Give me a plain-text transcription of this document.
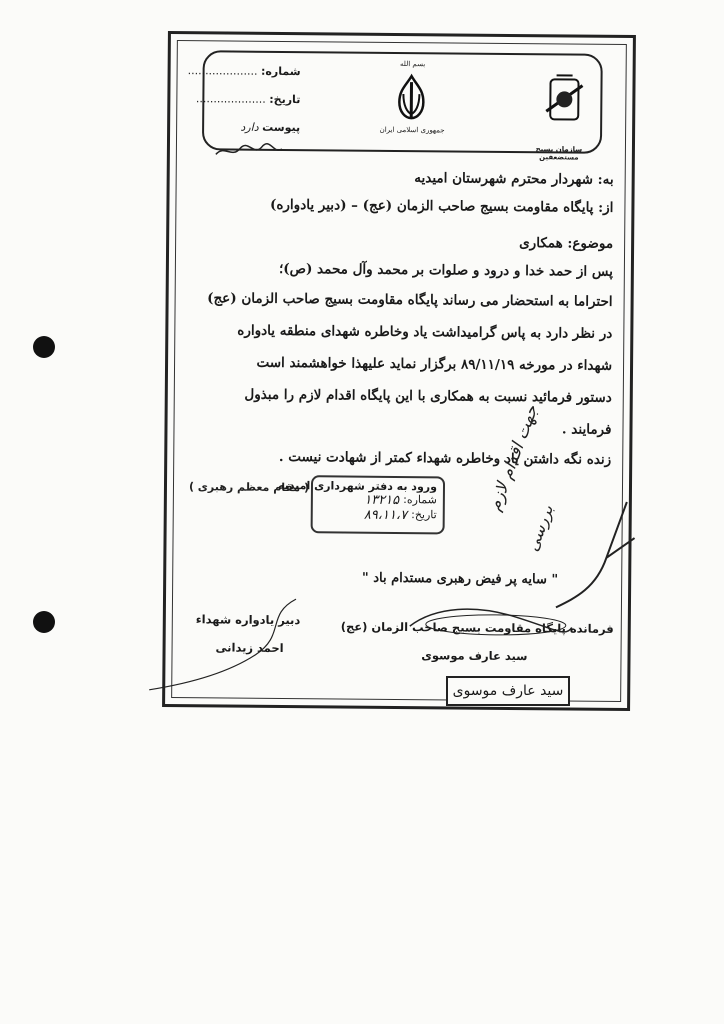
شماره: ....................
تاریخ: ....................
پیوست دارد
بسم الله
جمهوری اسلامی ایران
سازمان بسیج مستضعفین
به: شهردار محترم شهرستان امیدیه
از: پایگاه مقاومت بسیج صاحب الزمان (عج) – (دبیر یادواره)
موضوع: همکاری
پس از حمد خدا و درود و صلوات بر محمد وآل محمد (ص)؛
احتراما به استحضار می رساند پایگاه مقاومت بسیج صاحب الزمان (عج)
در نظر دارد به پاس گرامیداشت یاد وخاطره شهدای منطقه یادواره
شهداء در مورخه ۸۹/۱۱/۱۹ برگزار نماید علیهذا خواهشمند است
دستور فرمائید نسبت به همکاری با این پایگاه اقدام لازم را مبذول
فرمایند .
زنده نگه داشتن یاد وخاطره شهداء کمتر از شهادت نیست .
( مقام معظم رهبری )
ورود به دفتر شهرداری امیدیه
شماره:
۱۳۲۱۵
تاریخ:
۸۹،۱۱،۷
جهت اقدام لازم
بررسی
" سایه پر فیض رهبری مستدام باد "
فرمانده پایگاه مقاومت بسیج صاحب الزمان (عج)
سید عارف موسوی
دبیر یادواره شهداء
احمد زیدانی
سید عارف موسوی
